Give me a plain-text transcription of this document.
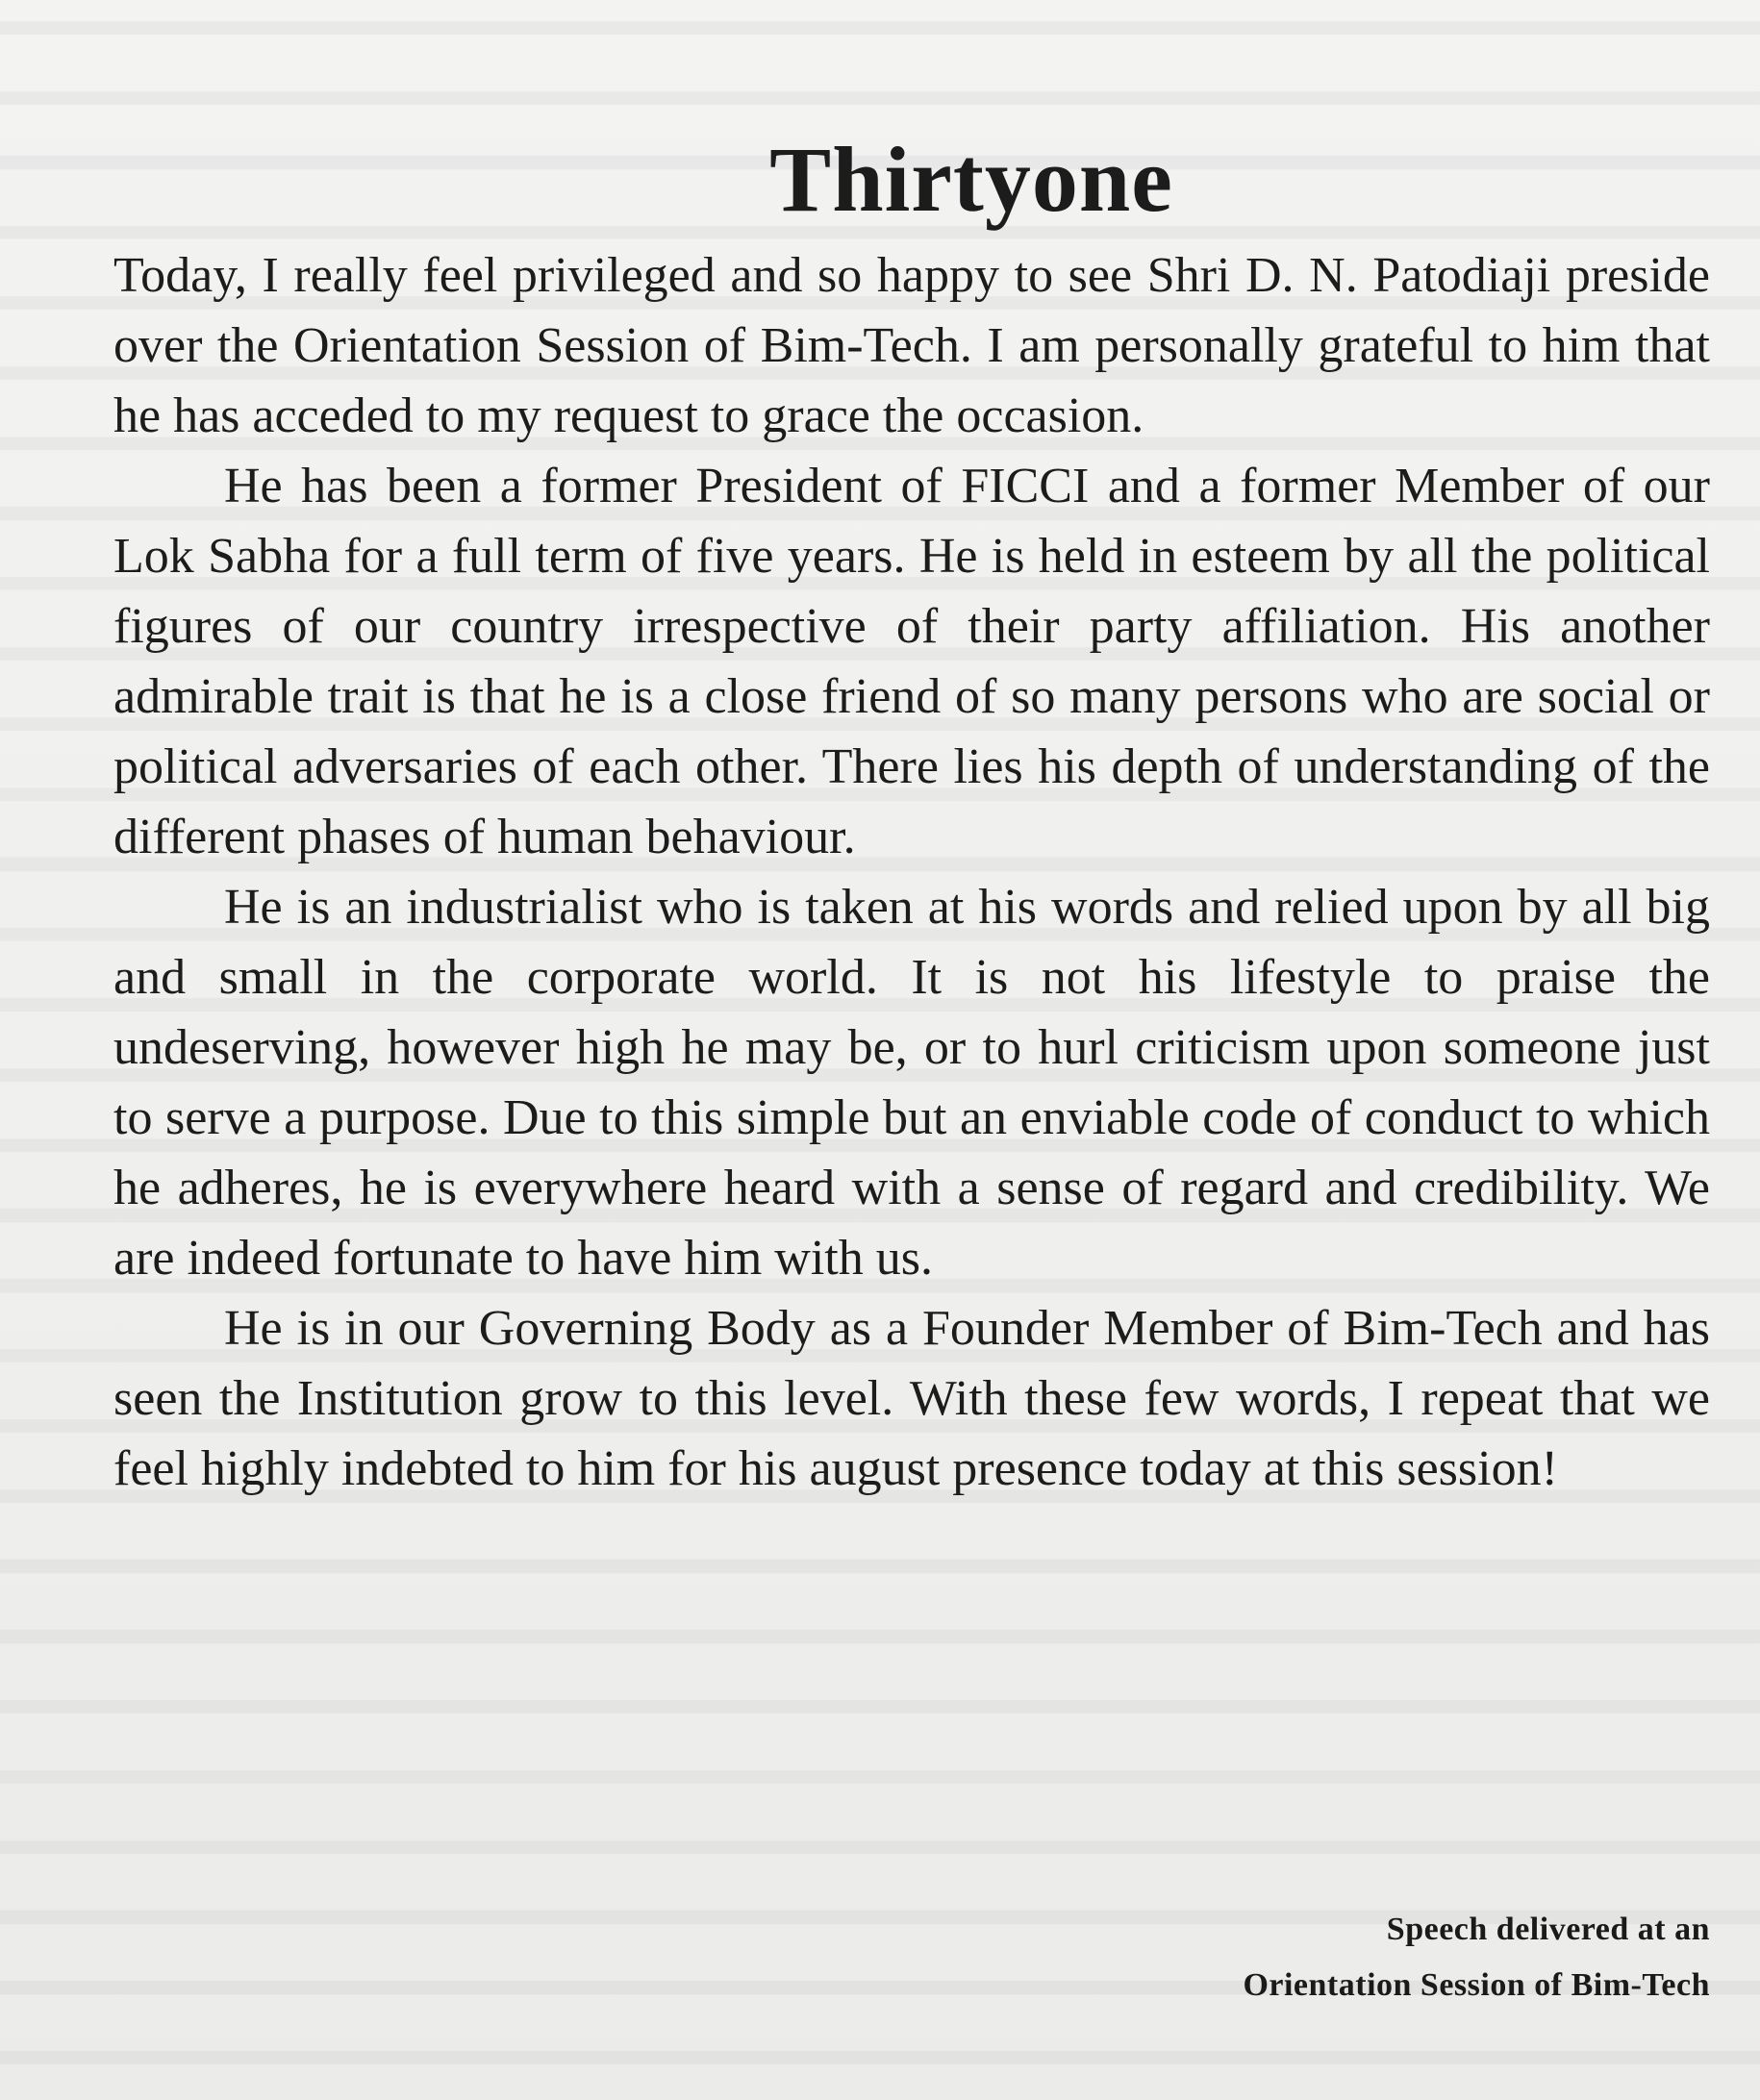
Thirtyone

Today, I really feel privileged and so happy to see Shri D. N. Patodiaji preside over the Orientation Session of Bim-Tech. I am personally grateful to him that he has acceded to my request to grace the occasion.

He has been a former President of FICCI and a former Member of our Lok Sabha for a full term of five years. He is held in esteem by all the political figures of our country irrespective of their party affiliation. His another admirable trait is that he is a close friend of so many persons who are social or political adversaries of each other. There lies his depth of understanding of the different phases of human behaviour.

He is an industrialist who is taken at his words and relied upon by all big and small in the corporate world. It is not his lifestyle to praise the undeserving, however high he may be, or to hurl criticism upon someone just to serve a purpose. Due to this simple but an enviable code of conduct to which he adheres, he is everywhere heard with a sense of regard and credibility. We are indeed fortunate to have him with us.

He is in our Governing Body as a Founder Member of Bim-Tech and has seen the Institution grow to this level. With these few words, I repeat that we feel highly indebted to him for his august presence today at this session!

Speech delivered at an
Orientation Session of Bim-Tech
